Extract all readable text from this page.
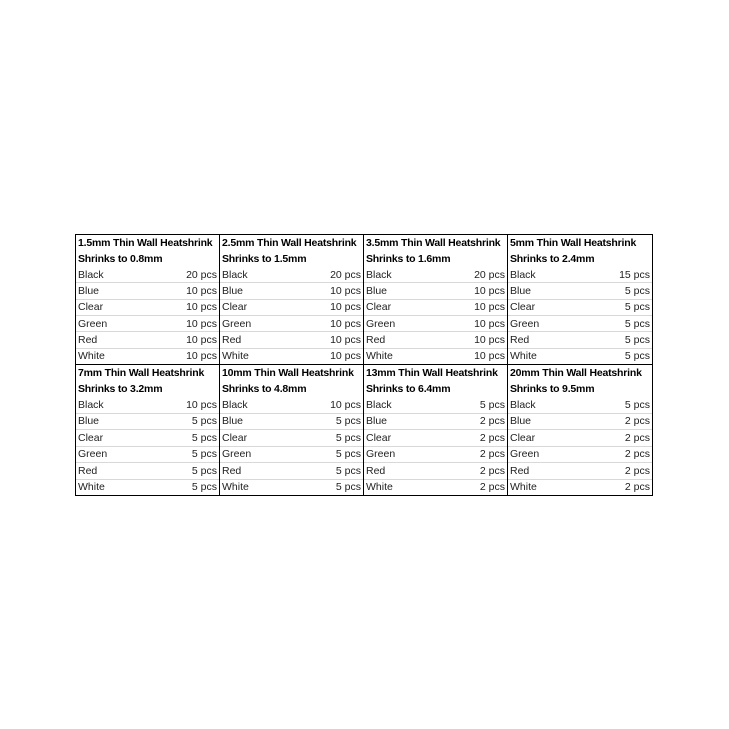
1.5mm Thin Wall Heatshrink
Shrinks to 0.8mm
Black	20 pcs
Blue	10 pcs
Clear	10 pcs
Green	10 pcs
Red	10 pcs
White	10 pcs
2.5mm Thin Wall Heatshrink
Shrinks to 1.5mm
Black	20 pcs
Blue	10 pcs
Clear	10 pcs
Green	10 pcs
Red	10 pcs
White	10 pcs
3.5mm Thin Wall Heatshrink
Shrinks to 1.6mm
Black	20 pcs
Blue	10 pcs
Clear	10 pcs
Green	10 pcs
Red	10 pcs
White	10 pcs
5mm Thin Wall Heatshrink
Shrinks to 2.4mm
Black	15 pcs
Blue	5 pcs
Clear	5 pcs
Green	5 pcs
Red	5 pcs
White	5 pcs
7mm Thin Wall Heatshrink
Shrinks to 3.2mm
Black	10 pcs
Blue	5 pcs
Clear	5 pcs
Green	5 pcs
Red	5 pcs
White	5 pcs
10mm Thin Wall Heatshrink
Shrinks to 4.8mm
Black	10 pcs
Blue	5 pcs
Clear	5 pcs
Green	5 pcs
Red	5 pcs
White	5 pcs
13mm Thin Wall Heatshrink
Shrinks to 6.4mm
Black	5 pcs
Blue	2 pcs
Clear	2 pcs
Green	2 pcs
Red	2 pcs
White	2 pcs
20mm Thin Wall Heatshrink
Shrinks to 9.5mm
Black	5 pcs
Blue	2 pcs
Clear	2 pcs
Green	2 pcs
Red	2 pcs
White	2 pcs
